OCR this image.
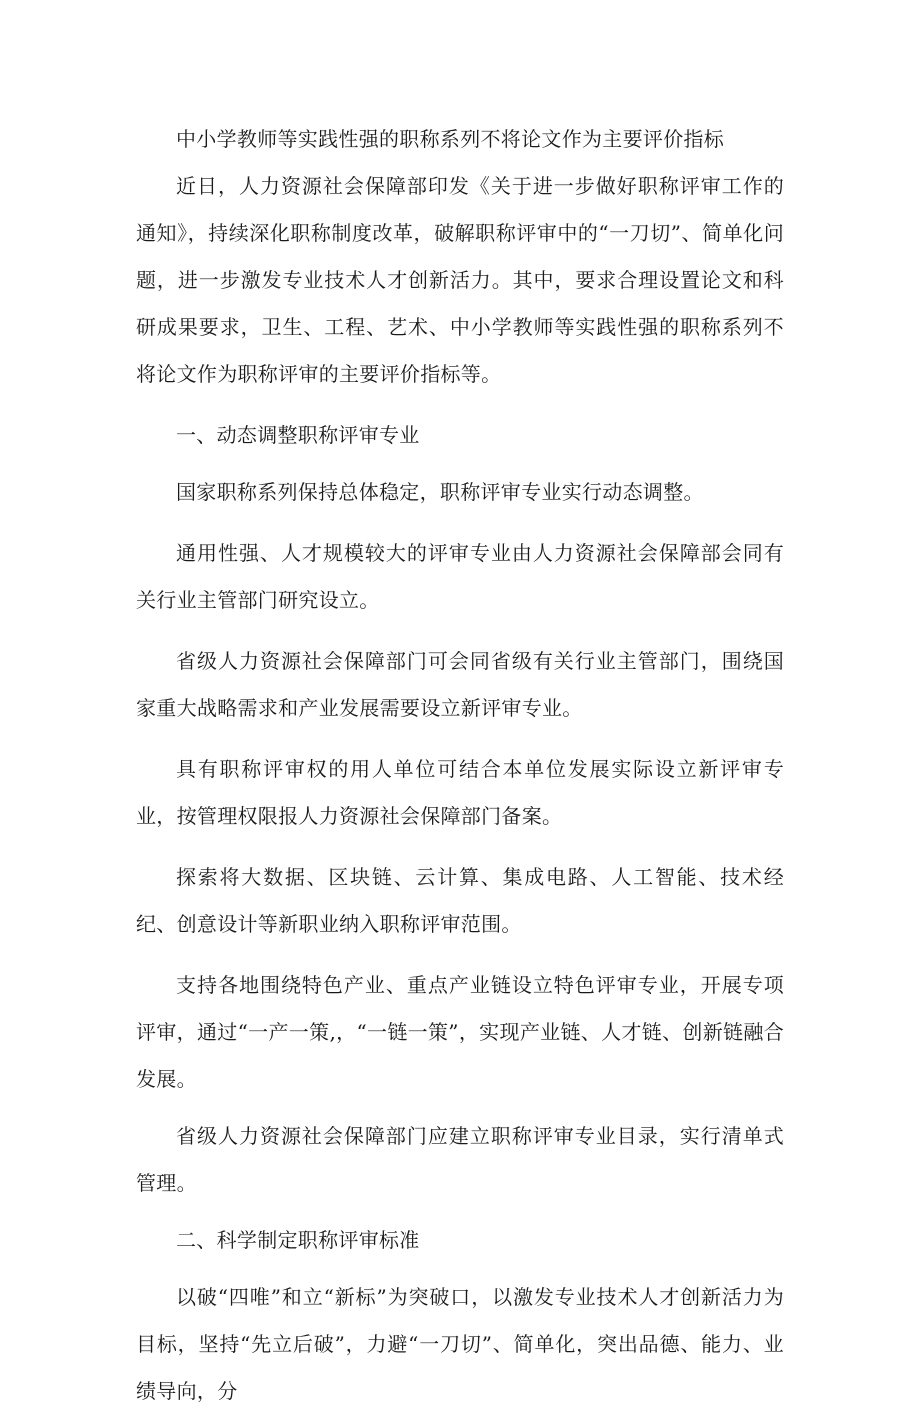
中小学教师等实践性强的职称系列不将论文作为主要评价指标

近日，人力资源社会保障部印发《关于进一步做好职称评审工作的通知》，持续深化职称制度改革，破解职称评审中的“一刀切”、简单化问题，进一步激发专业技术人才创新活力。其中，要求合理设置论文和科研成果要求，卫生、工程、艺术、中小学教师等实践性强的职称系列不将论文作为职称评审的主要评价指标等。

一、动态调整职称评审专业

国家职称系列保持总体稳定，职称评审专业实行动态调整。

通用性强、人才规模较大的评审专业由人力资源社会保障部会同有关行业主管部门研究设立。

省级人力资源社会保障部门可会同省级有关行业主管部门，围绕国家重大战略需求和产业发展需要设立新评审专业。

具有职称评审权的用人单位可结合本单位发展实际设立新评审专业，按管理权限报人力资源社会保障部门备案。

探索将大数据、区块链、云计算、集成电路、人工智能、技术经纪、创意设计等新职业纳入职称评审范围。

支持各地围绕特色产业、重点产业链设立特色评审专业，开展专项评审，通过“一产一策,，“一链一策”，实现产业链、人才链、创新链融合发展。

省级人力资源社会保障部门应建立职称评审专业目录，实行清单式管理。

二、科学制定职称评审标准

以破“四唯”和立“新标”为突破口，以激发专业技术人才创新活力为目标，坚持“先立后破”，力避“一刀切”、简单化，突出品德、能力、业绩导向，分
